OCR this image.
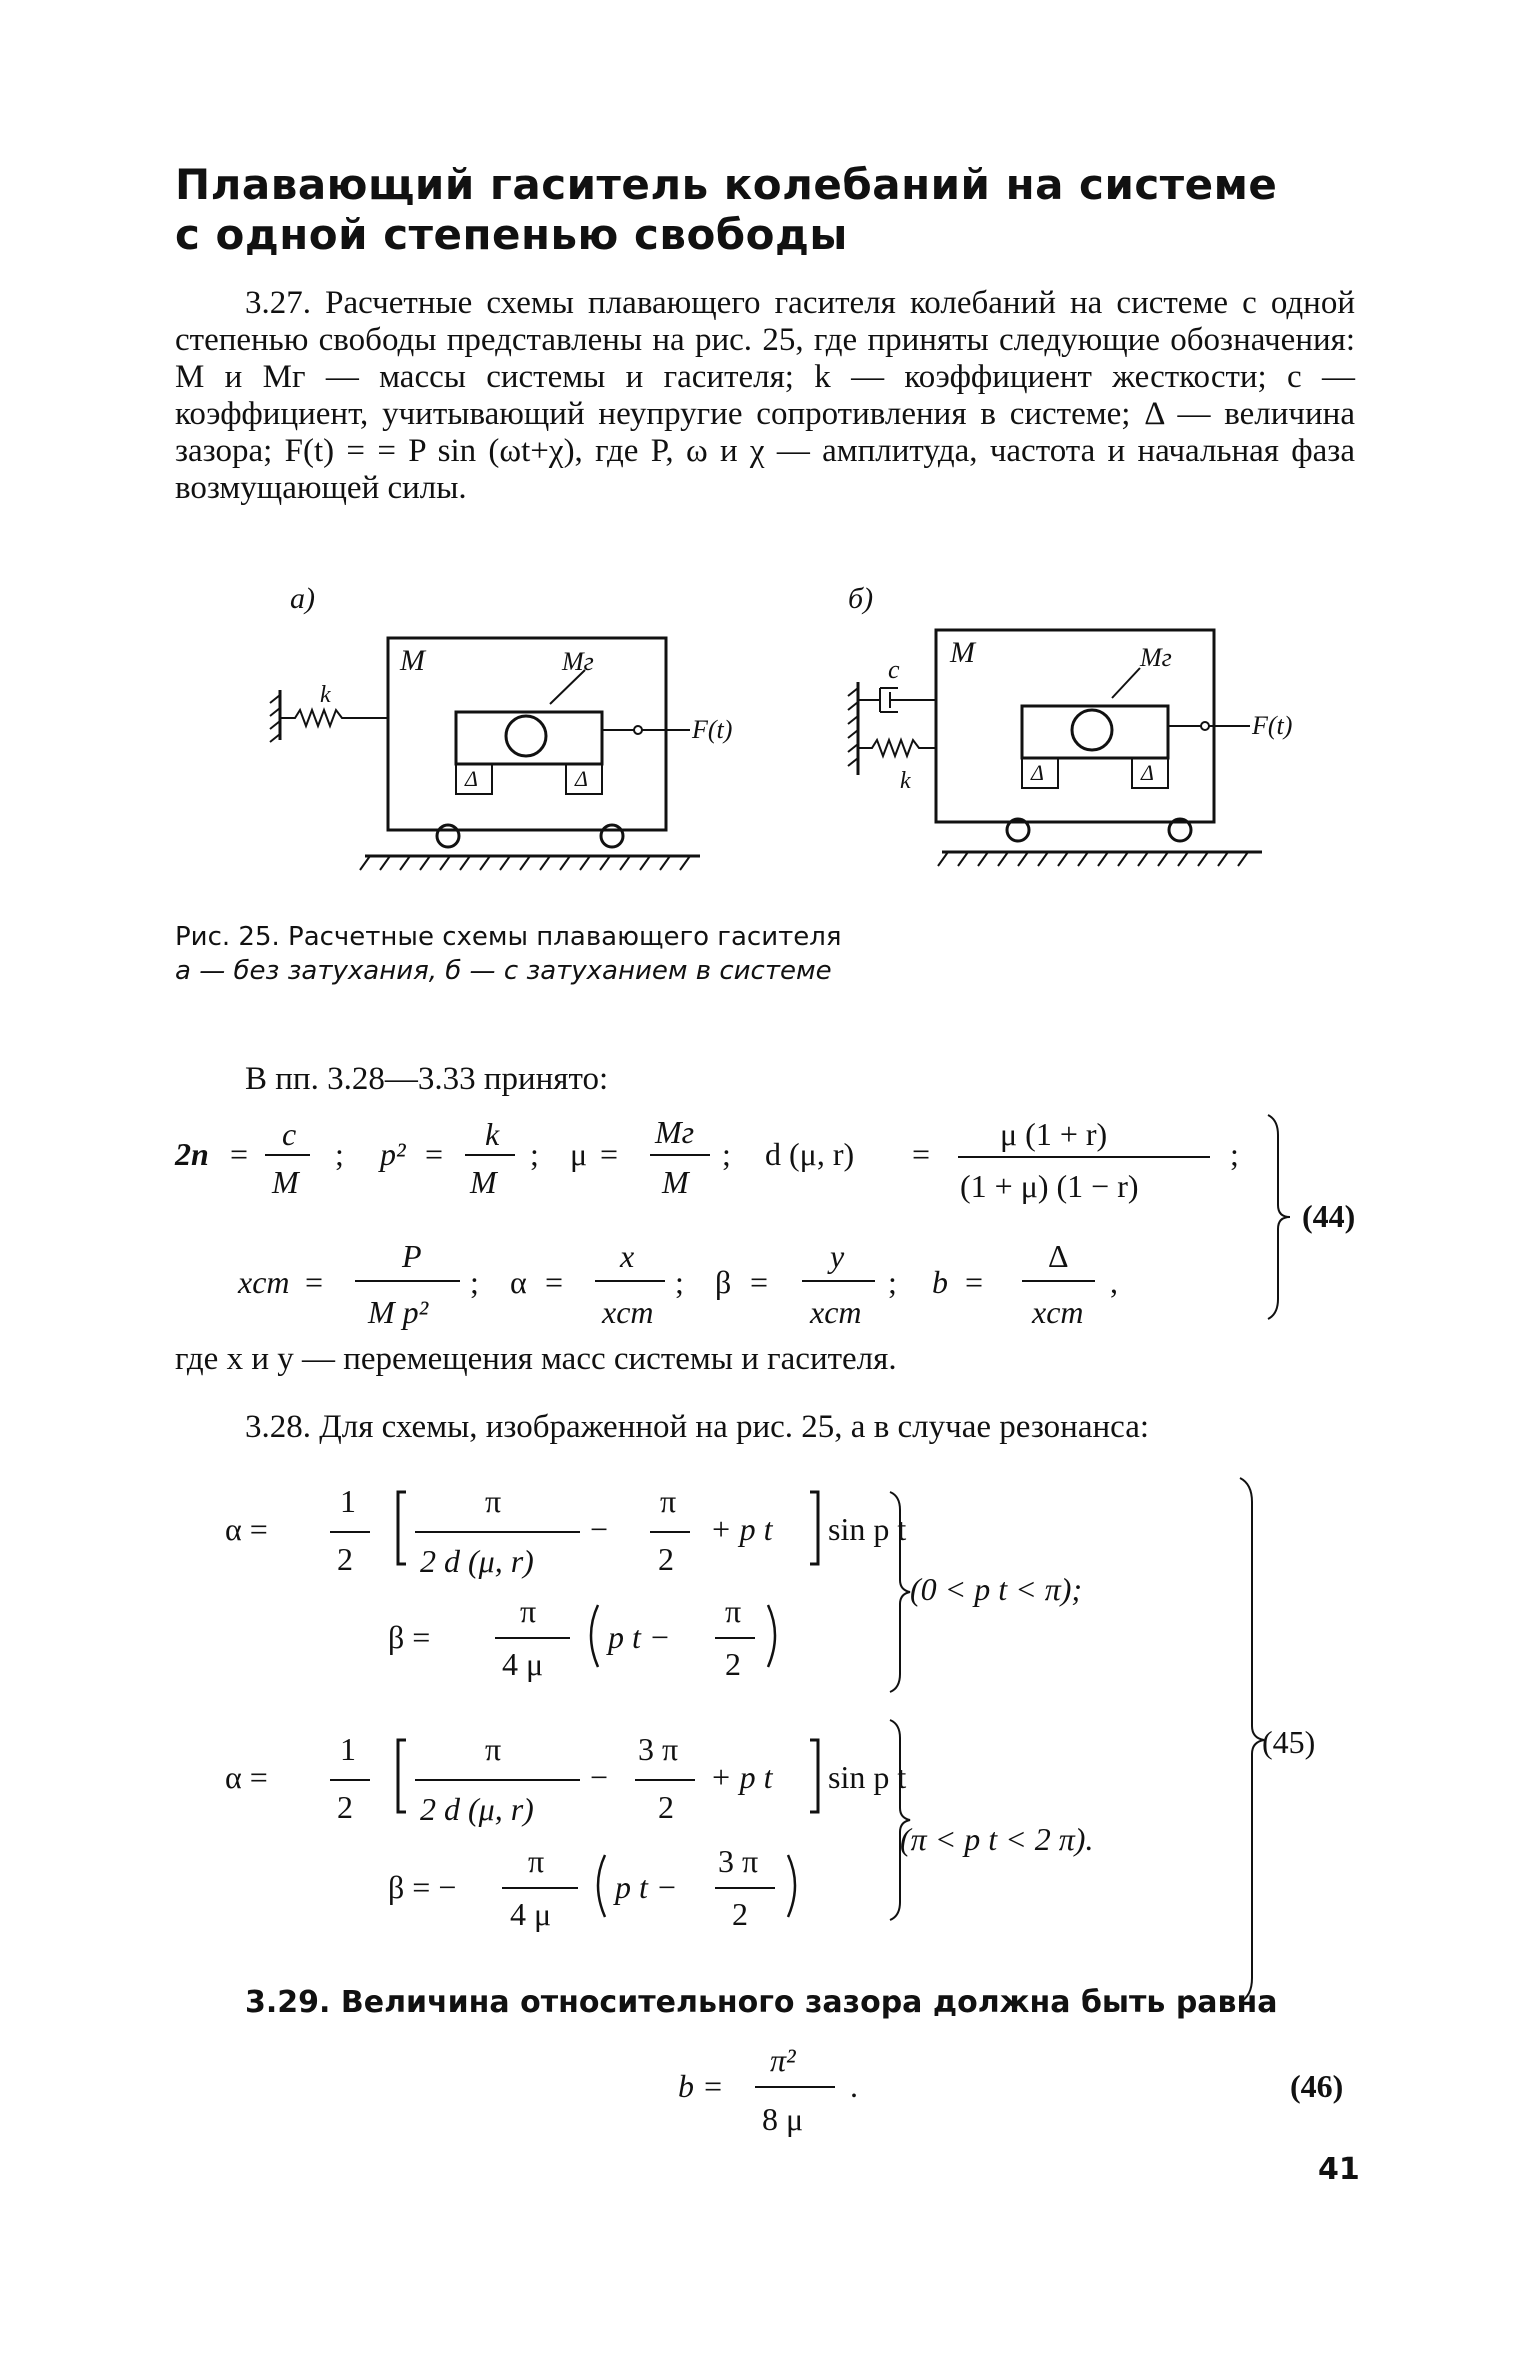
Плавающий гаситель колебаний на системе
с одной степенью свободы
3.27. Расчетные схемы плавающего гасителя колебаний на системе с одной степенью свободы представлены на рис. 25, где приняты следующие обозначения: M и Mг — массы системы и гасителя; k — коэффициент жесткости; c — коэффициент, учитывающий неупругие сопротивления в системе; Δ — величина зазора; F(t) = = P sin (ωt+χ), где P, ω и χ — амплитуда, частота и начальная фаза возмущающей силы.
а)	б)
M	Mг
F(t)
k
Δ	Δ
M	Mг
F(t)
c
k	Δ	Δ
Рис. 25. Расчетные схемы плавающего гасителя
а — без затухания, б — с затуханием в системе
В пп. 3.28—3.33 принято:
2n =
c
M
; p² =
k
M
; μ =
Mг
M
; d (μ, r) =
μ (1 + r)
(1 + μ) (1 − r)
;
xст =
P
M p²
; α =
x
xст
; β =
y
xст
; b =
Δ
xст
,
(44)
где x и y — перемещения масс системы и гасителя.
3.28. Для схемы, изображенной на рис. 25, а в случае резонанса:
α =
1
2
π
2 d (μ, r)
−
π
2
+ p t sin p t
β =
π
4 μ
p t −
π
2
(0 < p t < π);
α =
1
2
π
2 d (μ, r)
−
3 π
2
+ p t sin p t
β = −
π
4 μ
p t −
3 π
2
(π < p t < 2 π).
(45)
3.29. Величина относительного зазора должна быть равна
b =
π²
8 μ
.	(46)
41
